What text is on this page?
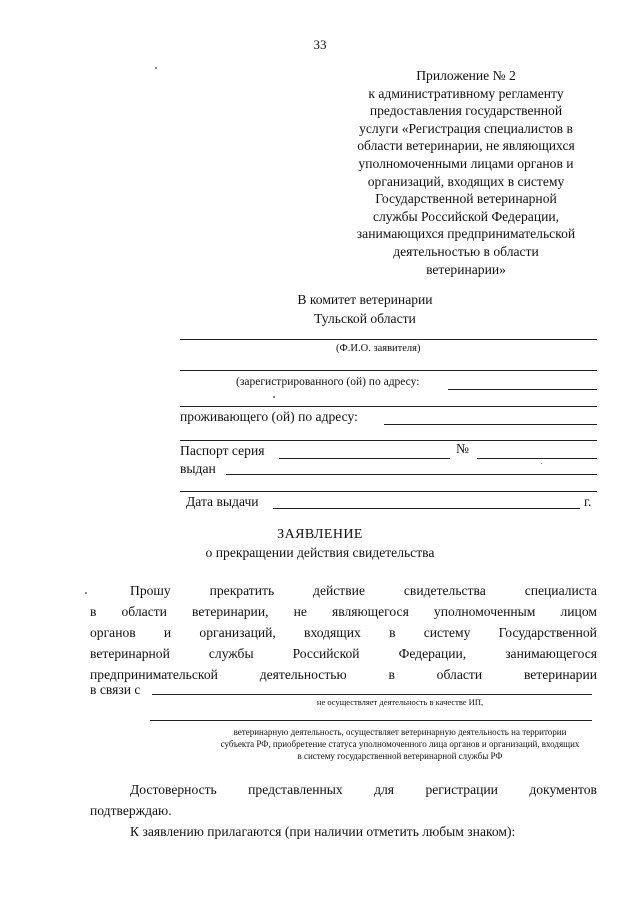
33
Приложение № 2
к административному регламенту
предоставления государственной
услуги «Регистрация специалистов в
области ветеринарии, не являющихся
уполномоченными лицами органов и
организаций, входящих в систему
Государственной ветеринарной
службы Российской Федерации,
занимающихся предпринимательской
деятельностью в области
ветеринарии»
В комитет ветеринарии
Тульской области
(Ф.И.О. заявителя)
(зарегистрированного (ой) по адресу:
проживающего (ой) по адресу:
Паспорт серия	№
выдан
Дата выдачи	г.
ЗАЯВЛЕНИЕ
о прекращении действия свидетельства
Прошу	прекратить	действие	свидетельства	специалиста
в области ветеринарии, не являющегося уполномоченным лицом
органов и организаций, входящих в систему Государственной
ветеринарной	службы	Российской	Федерации,	занимающегося
предпринимательской	деятельностью	в	области	ветеринарии
в связи с
не осуществляет деятельность в качестве ИП,
ветеринарную деятельность, осуществляет ветеринарную деятельность на территории
субъекта РФ, приобретение статуса уполномоченного лица органов и организаций, входящих
в систему государственной ветеринарной службы РФ
Достоверность представленных для регистрации документов
подтверждаю.
К заявлению прилагаются (при наличии отметить любым знаком):
